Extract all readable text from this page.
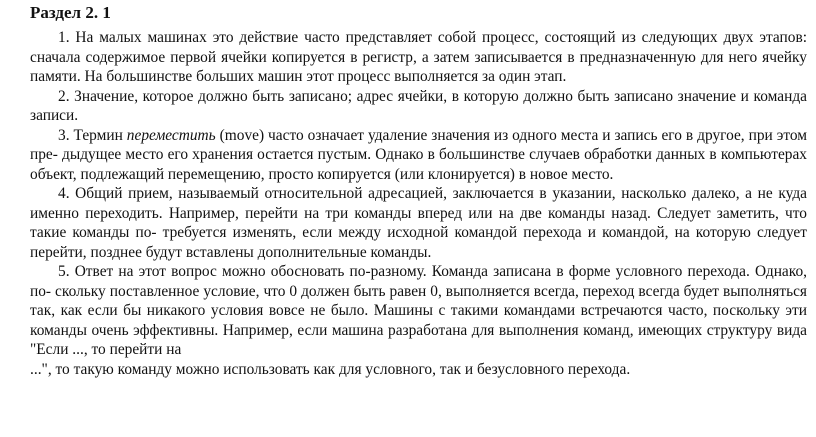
Раздел 2. 1

1. На малых машинах это действие часто представляет собой процесс, состоящий из следующих двух этапов: сначала содержимое первой ячейки копируется в регистр, а затем записывается в предназначенную для него ячейку памяти. На большинстве больших машин этот процесс выполняется за один этап.

2. Значение, которое должно быть записано; адрес ячейки, в которую должно быть записано значение и команда записи.

3. Термин переместить (move) часто означает удаление значения из одного места и запись его в другое, при этом пре- дыдущее место его хранения остается пустым. Однако в большинстве случаев обработки данных в компьютерах объект, подлежащий перемещению, просто копируется (или клонируется) в новое место.

4. Общий прием, называемый относительной адресацией, заключается в указании, насколько далеко, а не куда именно переходить. Например, перейти на три команды вперед или на две команды назад. Следует заметить, что такие команды по- требуется изменять, если между исходной командой перехода и командой, на которую следует перейти, позднее будут вставлены дополнительные команды.

5. Ответ на этот вопрос можно обосновать по-разному. Команда записана в форме условного перехода. Однако, по- скольку поставленное условие, что 0 должен быть равен 0, выполняется всегда, переход всегда будет выполняться так, как если бы никакого условия вовсе не было. Машины с такими командами встречаются часто, поскольку эти команды очень эффективны. Например, если машина разработана для выполнения команд, имеющих структуру вида "Если ..., то перейти на

...", то такую команду можно использовать как для условного, так и безусловного перехода.
